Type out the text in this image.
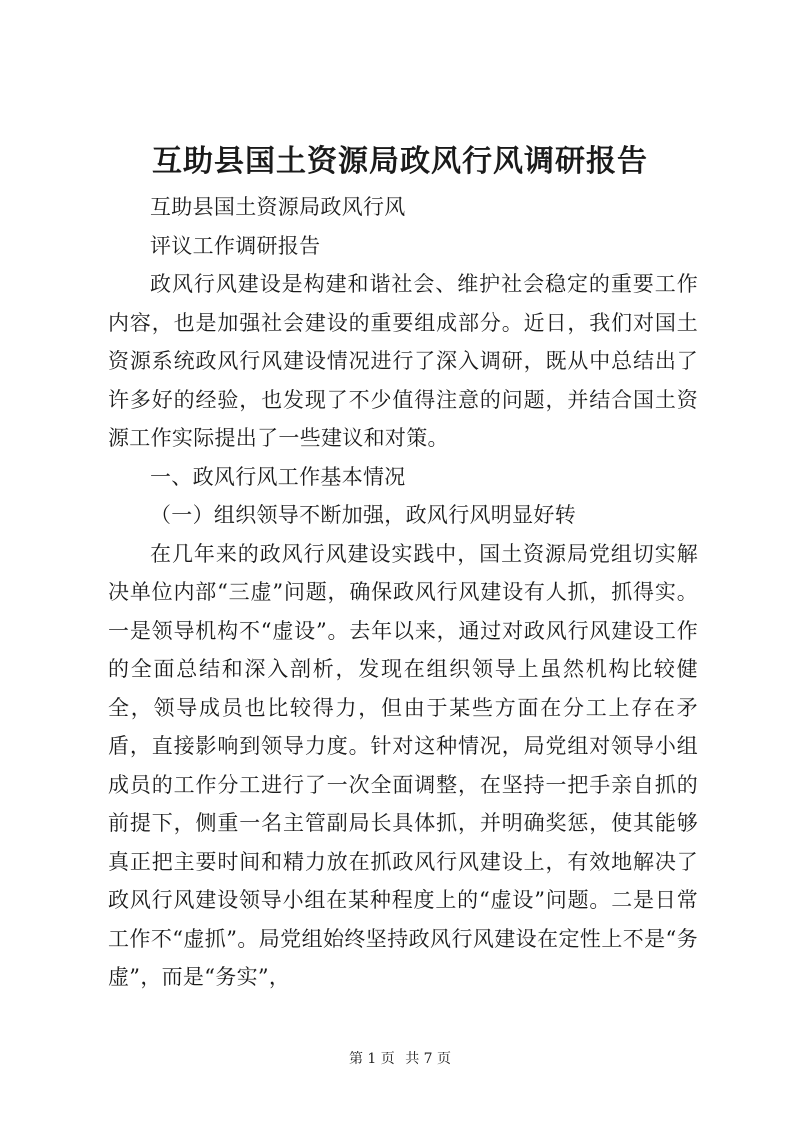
互助县国土资源局政风行风调研报告

互助县国土资源局政风行风

评议工作调研报告

政风行风建设是构建和谐社会、维护社会稳定的重要工作内容，也是加强社会建设的重要组成部分。近日，我们对国土资源系统政风行风建设情况进行了深入调研，既从中总结出了许多好的经验，也发现了不少值得注意的问题，并结合国土资源工作实际提出了一些建议和对策。

一、政风行风工作基本情况

（一）组织领导不断加强，政风行风明显好转

在几年来的政风行风建设实践中，国土资源局党组切实解决单位内部“三虚”问题，确保政风行风建设有人抓，抓得实。一是领导机构不“虚设”。去年以来，通过对政风行风建设工作的全面总结和深入剖析，发现在组织领导上虽然机构比较健全，领导成员也比较得力，但由于某些方面在分工上存在矛盾，直接影响到领导力度。针对这种情况，局党组对领导小组成员的工作分工进行了一次全面调整，在坚持一把手亲自抓的前提下，侧重一名主管副局长具体抓，并明确奖惩，使其能够真正把主要时间和精力放在抓政风行风建设上，有效地解决了政风行风建设领导小组在某种程度上的“虚设”问题。二是日常工作不“虚抓”。局党组始终坚持政风行风建设在定性上不是“务虚”，而是“务实”，

第 1 页 共 7 页
